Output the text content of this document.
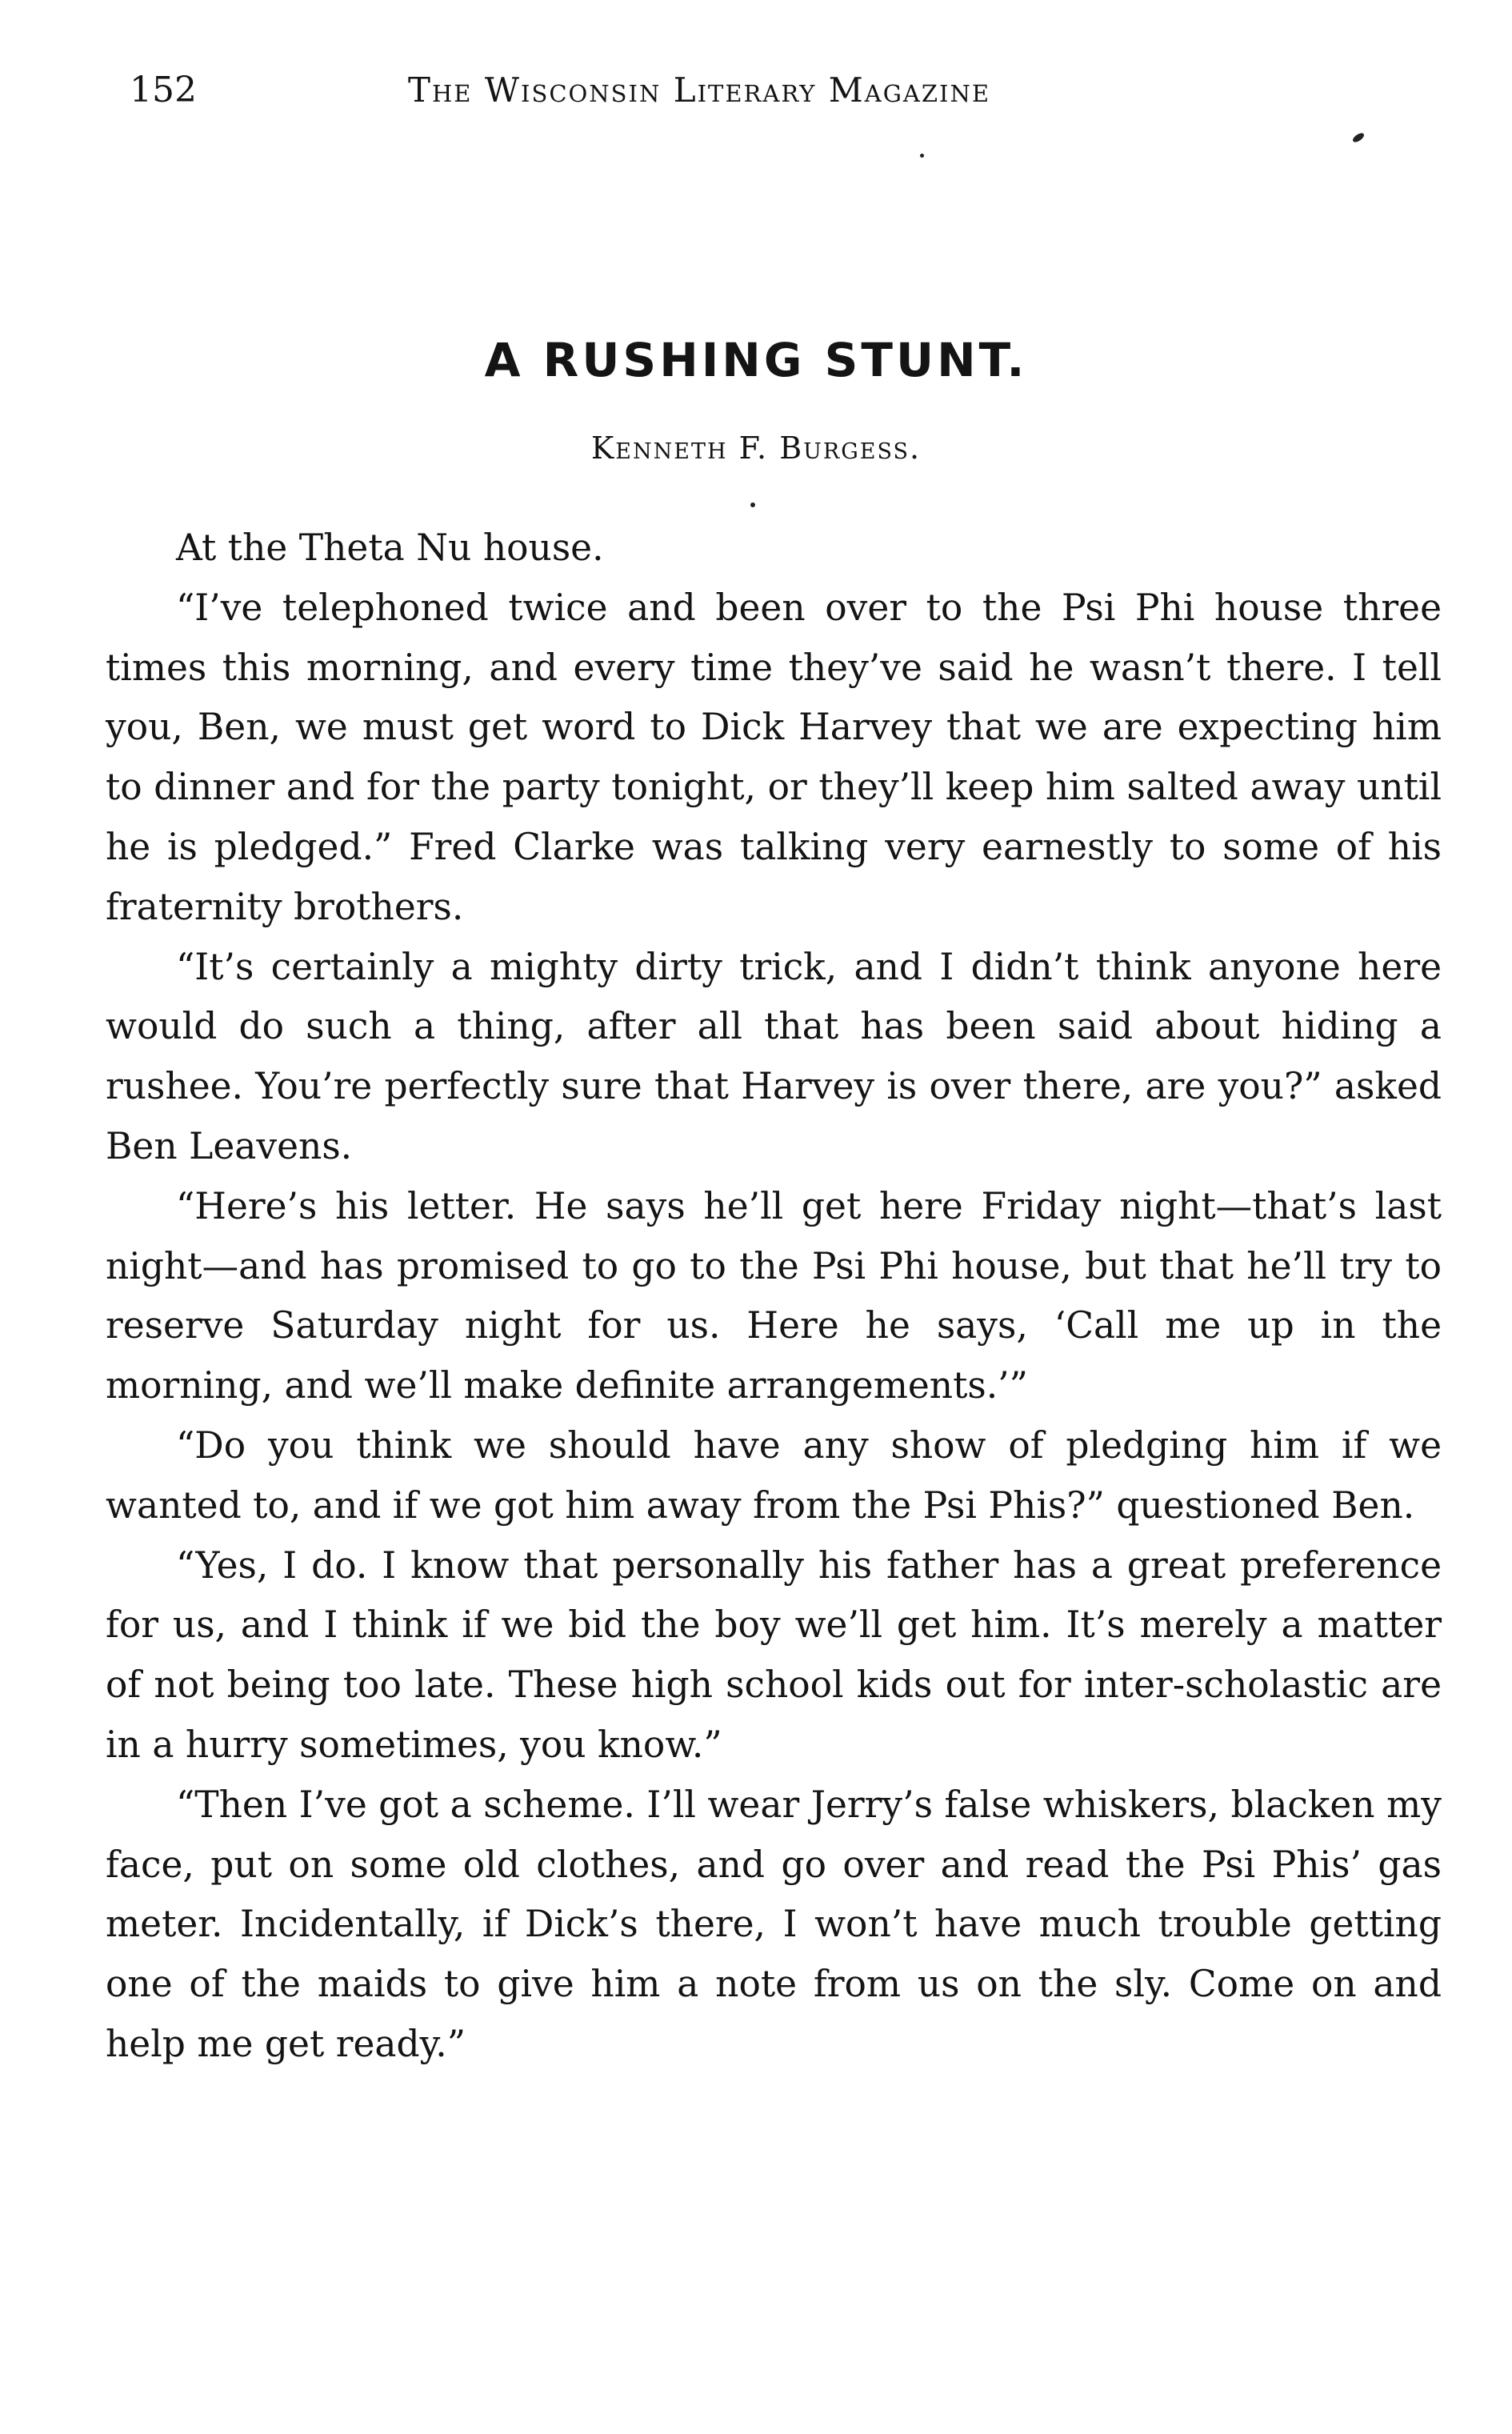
152	The Wisconsin Literary Magazine
A RUSHING STUNT.
Kenneth F. Burgess.

At the Theta Nu house.

“I’ve telephoned twice and been over to the Psi Phi house three times this morning, and every time they’ve said he wasn’t there. I tell you, Ben, we must get word to Dick Harvey that we are expecting him to dinner and for the party tonight, or they’ll keep him salted away until he is pledged.” Fred Clarke was talking very earnestly to some of his fraternity brothers.

“It’s certainly a mighty dirty trick, and I didn’t think anyone here would do such a thing, after all that has been said about hiding a rushee. You’re perfectly sure that Harvey is over there, are you?” asked Ben Leavens.

“Here’s his letter. He says he’ll get here Friday night—that’s last night—and has promised to go to the Psi Phi house, but that he’ll try to reserve Saturday night for us. Here he says, ‘Call me up in the morning, and we’ll make definite arrangements.’”

“Do you think we should have any show of pledging him if we wanted to, and if we got him away from the Psi Phis?” questioned Ben.

“Yes, I do. I know that personally his father has a great preference for us, and I think if we bid the boy we’ll get him. It’s merely a matter of not being too late. These high school kids out for inter-scholastic are in a hurry sometimes, you know.”

“Then I’ve got a scheme. I’ll wear Jerry’s false whiskers, blacken my face, put on some old clothes, and go over and read the Psi Phis’ gas meter. Incidentally, if Dick’s there, I won’t have much trouble getting one of the maids to give him a note from us on the sly. Come on and help me get ready.”
